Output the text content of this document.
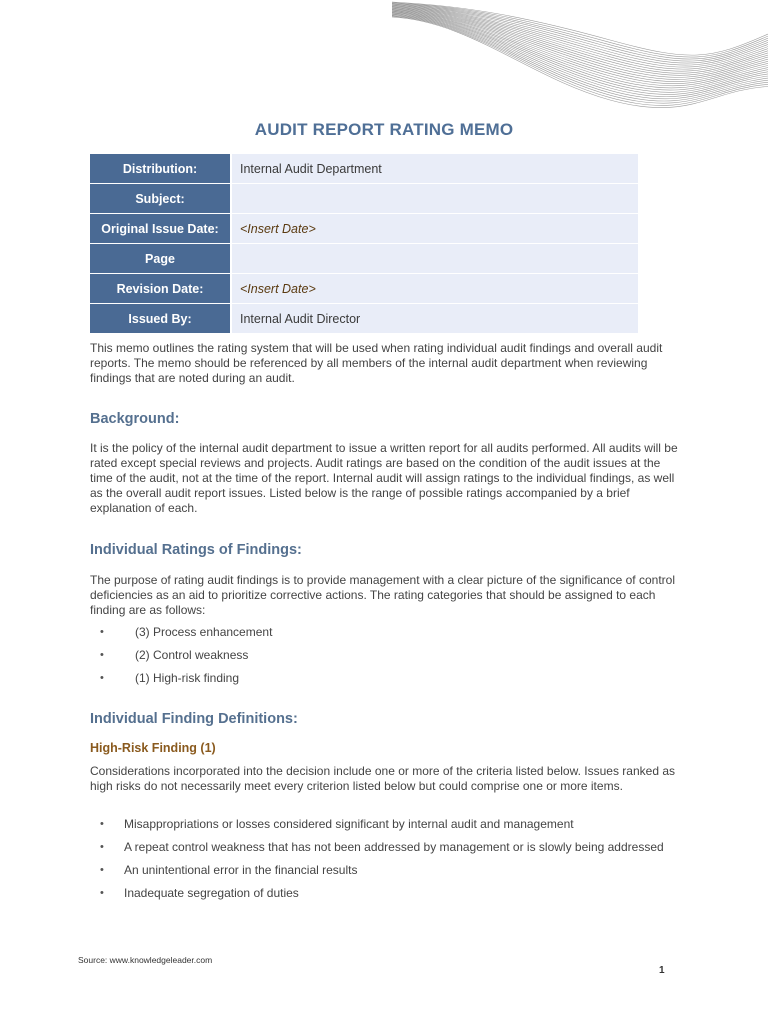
AUDIT REPORT RATING MEMO
Distribution:	Internal Audit Department
Subject:	
Original Issue Date:	<Insert Date>
Page	
Revision Date:	<Insert Date>
Issued By:	Internal Audit Director

This memo outlines the rating system that will be used when rating individual audit findings and overall audit reports. The memo should be referenced by all members of the internal audit department when reviewing findings that are noted during an audit.

Background:

It is the policy of the internal audit department to issue a written report for all audits performed. All audits will be rated except special reviews and projects. Audit ratings are based on the condition of the audit issues at the time of the audit, not at the time of the report. Internal audit will assign ratings to the individual findings, as well as the overall audit report issues. Listed below is the range of possible ratings accompanied by a brief explanation of each.

Individual Ratings of Findings:

The purpose of rating audit findings is to provide management with a clear picture of the significance of control deficiencies as an aid to prioritize corrective actions. The rating categories that should be assigned to each finding are as follows:

•	(3) Process enhancement
•	(2) Control weakness
•	(1) High-risk finding
Individual Finding Definitions:
High-Risk Finding (1)

Considerations incorporated into the decision include one or more of the criteria listed below. Issues ranked as high risks do not necessarily meet every criterion listed below but could comprise one or more items.

• Misappropriations or losses considered significant by internal audit and management
• A repeat control weakness that has not been addressed by management or is slowly being addressed
• An unintentional error in the financial results
• Inadequate segregation of duties
Source: www.knowledgeleader.com
1
